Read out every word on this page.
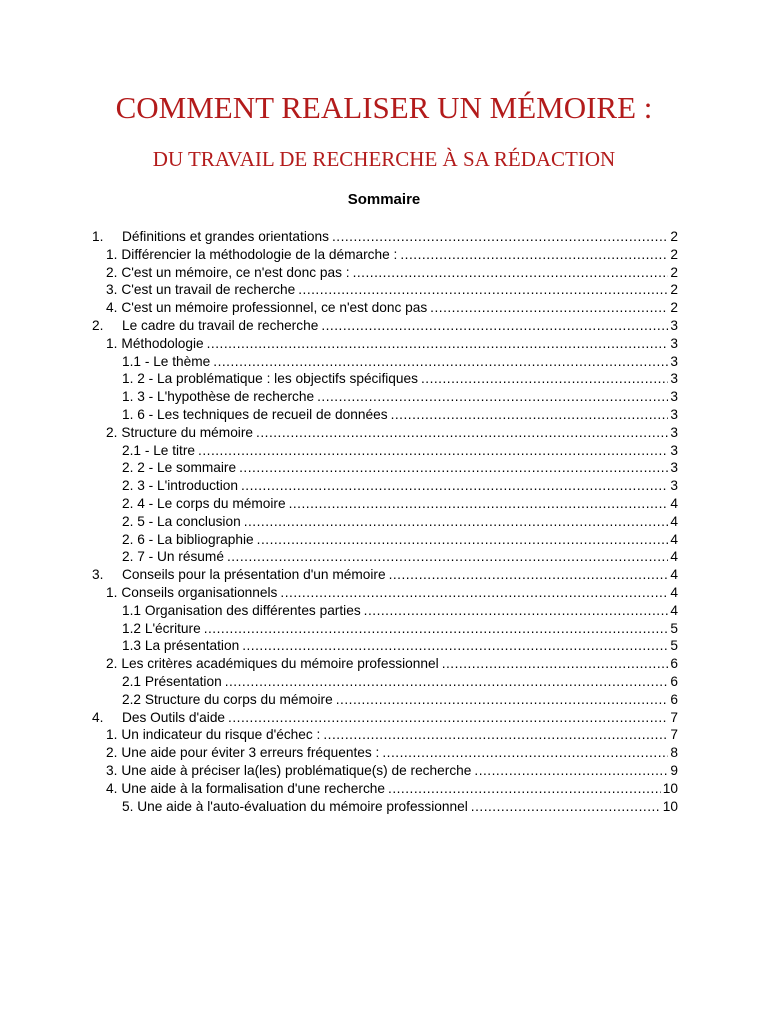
COMMENT REALISER UN MÉMOIRE :
DU TRAVAIL DE RECHERCHE À SA RÉDACTION
Sommaire
1.	Définitions et grandes orientations .....	2
1. Différencier la méthodologie de la démarche : .....	2
2. C'est un mémoire, ce n'est donc pas : .....	2
3. C'est un travail de recherche .....	2
4. C'est un mémoire professionnel, ce n'est donc pas .....	2
2.	Le cadre du travail de recherche .....	3
1. Méthodologie .....	3
1.1 - Le thème .....	3
1. 2 - La problématique : les objectifs spécifiques .....	3
1. 3 - L'hypothèse de recherche .....	3
1. 6 - Les techniques de recueil de données .....	3
2. Structure du mémoire .....	3
2.1 - Le titre .....	3
2. 2 - Le sommaire .....	3
2. 3 - L'introduction .....	3
2. 4 - Le corps du mémoire .....	4
2. 5 - La conclusion .....	4
2. 6 - La bibliographie .....	4
2. 7 - Un résumé .....	4
3.	Conseils pour la présentation d'un mémoire .....	4
1. Conseils organisationnels .....	4
1.1 Organisation des différentes parties .....	4
1.2 L'écriture .....	5
1.3 La présentation .....	5
2. Les critères académiques du mémoire professionnel .....	6
2.1 Présentation .....	6
2.2 Structure du corps du mémoire .....	6
4.	Des Outils d'aide .....	7
1. Un indicateur du risque d'échec : .....	7
2. Une aide pour éviter 3 erreurs fréquentes : .....	8
3. Une aide à préciser la(les) problématique(s) de recherche .....	9
4. Une aide à la formalisation d'une recherche .....	10
5. Une aide à l'auto-évaluation du mémoire professionnel .....	10
